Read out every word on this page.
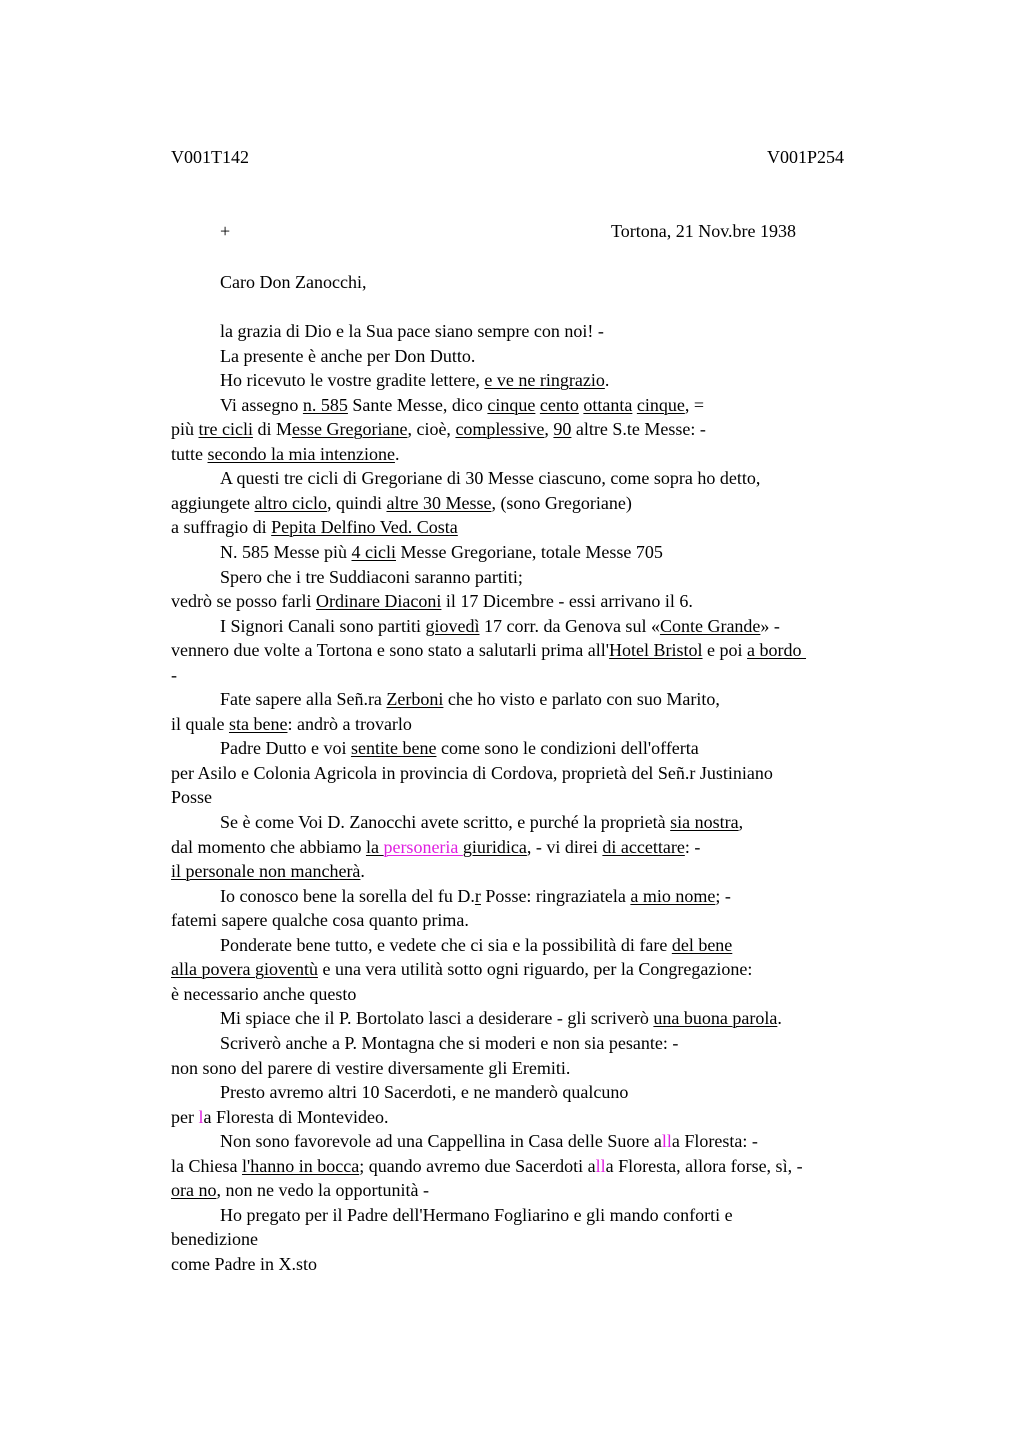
V001T142	V001P254
+	Tortona, 21 Nov.bre 1938
Caro Don Zanocchi,
la grazia di Dio e la Sua pace siano sempre con noi! -
La presente è anche per Don Dutto.
Ho ricevuto le vostre gradite lettere, e ve ne ringrazio.
Vi assegno n. 585 Sante Messe, dico cinque cento ottanta cinque, =
più tre cicli di Messe Gregoriane, cioè, complessive, 90 altre S.te Messe: -
tutte secondo la mia intenzione.
A questi tre cicli di Gregoriane di 30 Messe ciascuno, come sopra ho detto,
aggiungete altro ciclo, quindi altre 30 Messe, (sono Gregoriane)
a suffragio di Pepita Delfino Ved. Costa
N. 585 Messe più 4 cicli Messe Gregoriane, totale Messe 705
Spero che i tre Suddiaconi saranno partiti;
vedrò se posso farli Ordinare Diaconi il 17 Dicembre - essi arrivano il 6.
I Signori Canali sono partiti giovedì 17 corr. da Genova sul «Conte Grande» -
vennero due volte a Tortona e sono stato a salutarli prima all'Hotel Bristol e poi a bordo
-
Fate sapere alla Señ.ra Zerboni che ho visto e parlato con suo Marito,
il quale sta bene: andrò a trovarlo
Padre Dutto e voi sentite bene come sono le condizioni dell'offerta
per Asilo e Colonia Agricola in provincia di Cordova, proprietà del Señ.r Justiniano
Posse
Se è come Voi D. Zanocchi avete scritto, e purché la proprietà sia nostra,
dal momento che abbiamo la personeria giuridica, - vi direi di accettare: -
il personale non mancherà.
Io conosco bene la sorella del fu D.r Posse: ringraziatela a mio nome; -
fatemi sapere qualche cosa quanto prima.
Ponderate bene tutto, e vedete che ci sia e la possibilità di fare del bene
alla povera gioventù e una vera utilità sotto ogni riguardo, per la Congregazione:
è necessario anche questo
Mi spiace che il P. Bortolato lasci a desiderare - gli scriverò una buona parola.
Scriverò anche a P. Montagna che si moderi e non sia pesante: -
non sono del parere di vestire diversamente gli Eremiti.
Presto avremo altri 10 Sacerdoti, e ne manderò qualcuno
per la Floresta di Montevideo.
Non sono favorevole ad una Cappellina in Casa delle Suore alla Floresta: -
la Chiesa l'hanno in bocca; quando avremo due Sacerdoti alla Floresta, allora forse, sì, -
ora no, non ne vedo la opportunità -
Ho pregato per il Padre dell'Hermano Fogliarino e gli mando conforti e
benedizione
come Padre in X.sto
